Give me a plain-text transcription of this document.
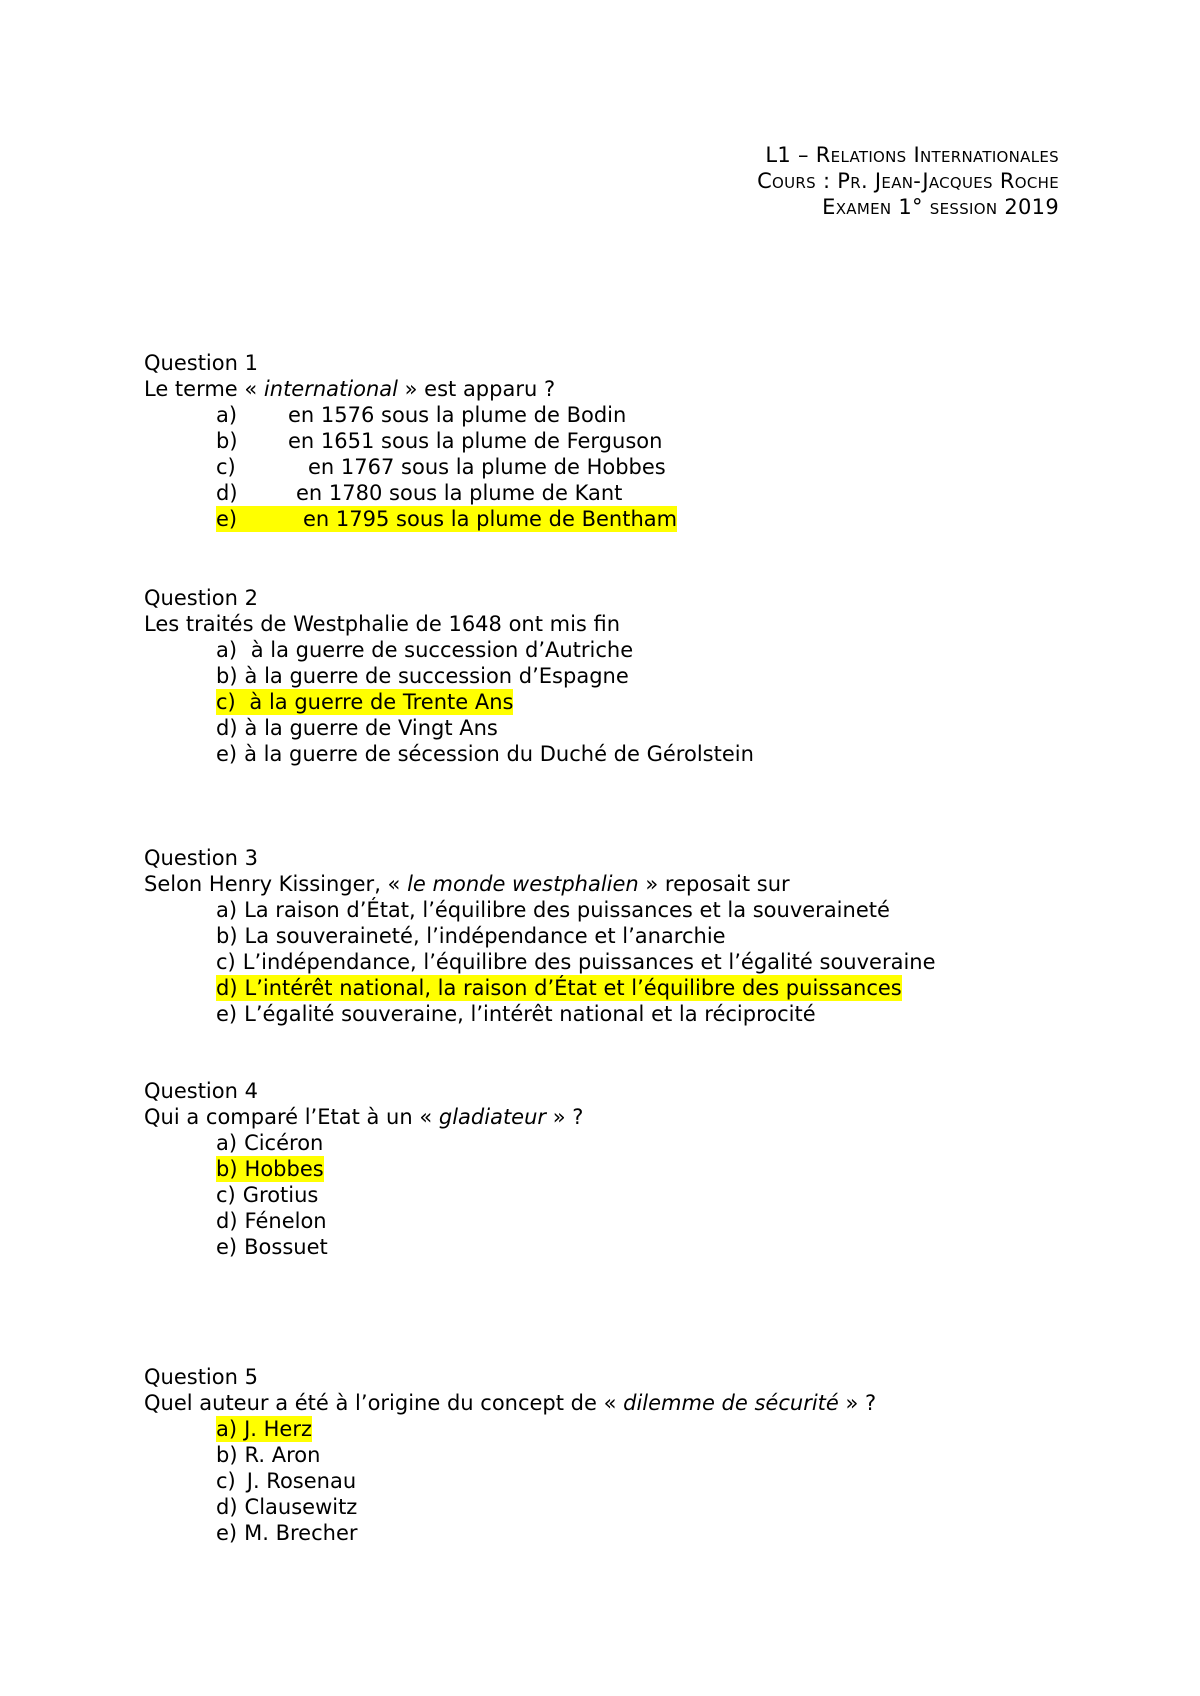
L1 – Relations Internationales
Cours : Pr. Jean-Jacques Roche
Examen 1° session 2019
Question 1
Le terme « international » est apparu ?
a) en 1576 sous la plume de Bodin
b) en 1651 sous la plume de Ferguson
c)	en 1767 sous la plume de Hobbes
d)	en 1780 sous la plume de Kant
e)	en 1795 sous la plume de Bentham
Question 2
Les traités de Westphalie de 1648 ont mis fin
a) à la guerre de succession d’Autriche
b) à la guerre de succession d’Espagne
c) à la guerre de Trente Ans
d) à la guerre de Vingt Ans
e) à la guerre de sécession du Duché de Gérolstein
Question 3
Selon Henry Kissinger, « le monde westphalien » reposait sur
a) La raison d’État, l’équilibre des puissances et la souveraineté
b) La souveraineté, l’indépendance et l’anarchie
c) L’indépendance, l’équilibre des puissances et l’égalité souveraine
d) L’intérêt national, la raison d’État et l’équilibre des puissances
e) L’égalité souveraine, l’intérêt national et la réciprocité
Question 4
Qui a comparé l’Etat à un « gladiateur » ?
a) Cicéron
b) Hobbes
c) Grotius
d) Fénelon
e) Bossuet
Question 5
Quel auteur a été à l’origine du concept de « dilemme de sécurité » ?
a) J. Herz
b) R. Aron
c) J. Rosenau
d) Clausewitz
e) M. Brecher
